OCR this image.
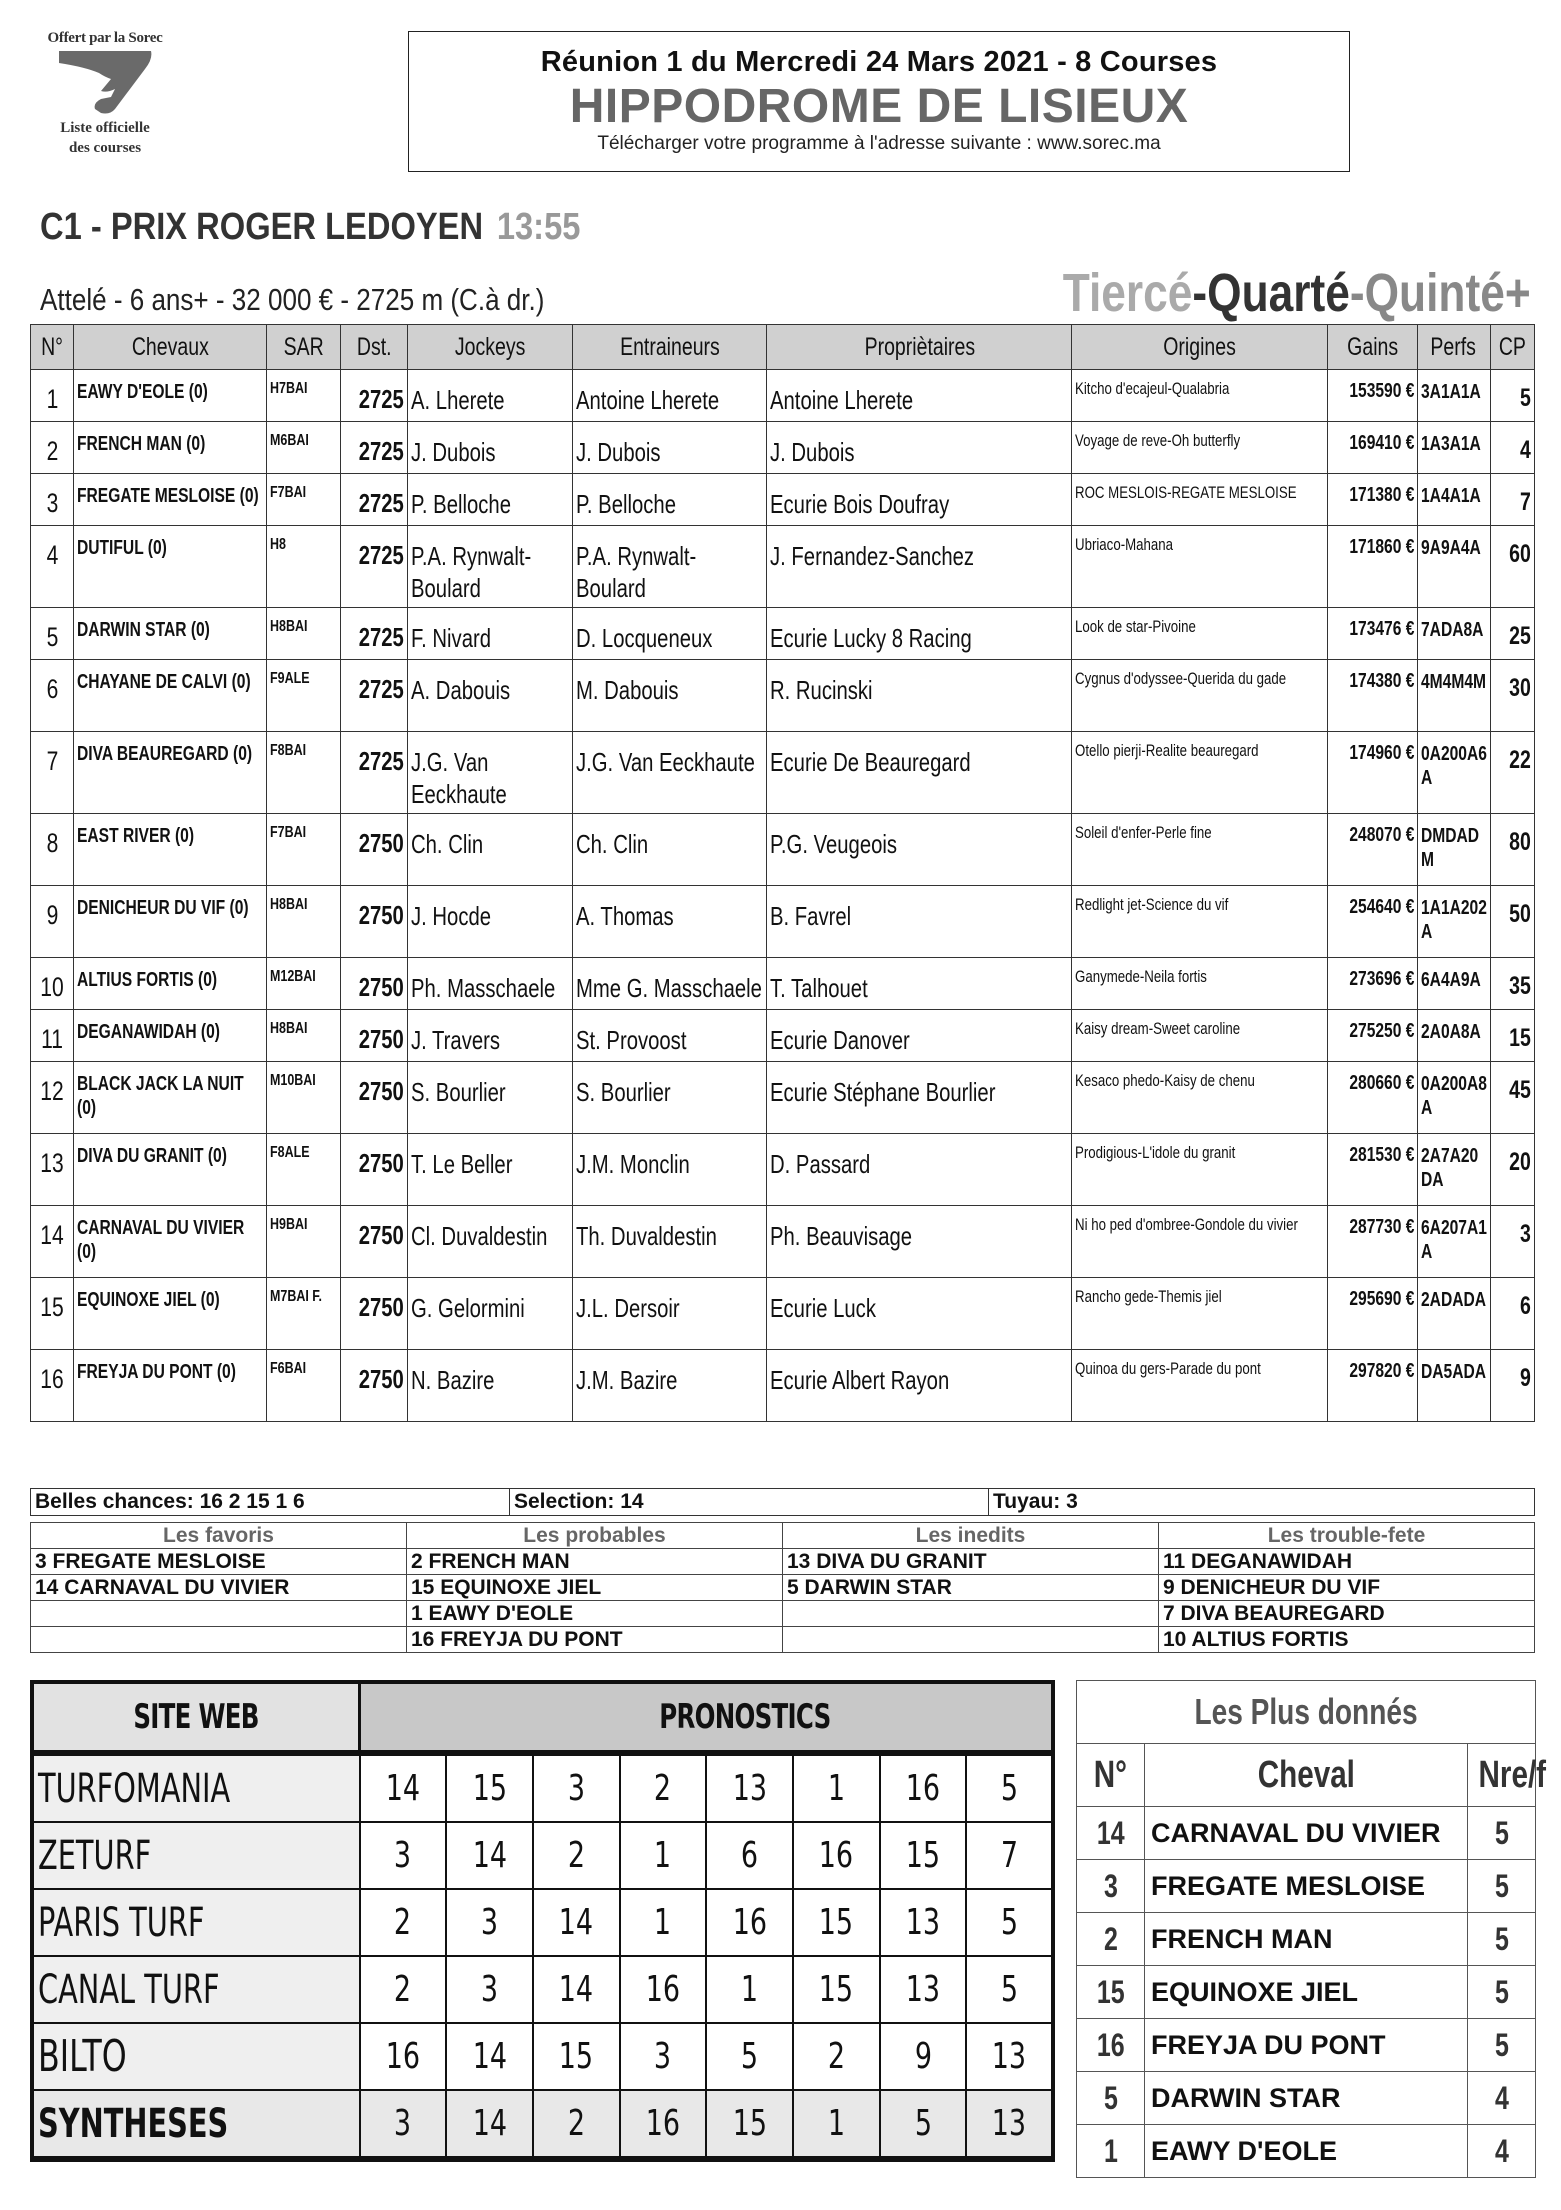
Offert par la Sorec
Liste officielle
des courses
Réunion 1 du Mercredi 24 Mars 2021 - 8 Courses
HIPPODROME DE LISIEUX
Télécharger votre programme à l'adresse suivante : www.sorec.ma
C1 - PRIX ROGER LEDOYEN 13:55
Attelé - 6 ans+ - 32 000 € - 2725 m (C.à dr.)	Tiercé-Quarté-Quinté+
N°	Chevaux	SAR	Dst.	Jockeys	Entraineurs	Propriètaires	Origines	Gains	Perfs	CP
1	EAWY D'EOLE (0)	H7BAI	2725	A. Lherete	Antoine Lherete	Antoine Lherete	Kitcho d'ecajeul-Qualabria	153590 €	3A1A1A	5
2	FRENCH MAN (0)	M6BAI	2725	J. Dubois	J. Dubois	J. Dubois	Voyage de reve-Oh butterfly	169410 €	1A3A1A	4
3	FREGATE MESLOISE (0)	F7BAI	2725	P. Belloche	P. Belloche	Ecurie Bois Doufray	ROC MESLOIS-REGATE MESLOISE	171380 €	1A4A1A	7
4	DUTIFUL (0)	H8	2725	P.A. Rynwalt-Boulard	P.A. Rynwalt-Boulard	J. Fernandez-Sanchez	Ubriaco-Mahana	171860 €	9A9A4A	60
5	DARWIN STAR (0)	H8BAI	2725	F. Nivard	D. Locqueneux	Ecurie Lucky 8 Racing	Look de star-Pivoine	173476 €	7ADA8A	25
6	CHAYANE DE CALVI (0)	F9ALE	2725	A. Dabouis	M. Dabouis	R. Rucinski	Cygnus d'odyssee-Querida du gade	174380 €	4M4M4M	30
7	DIVA BEAUREGARD (0)	F8BAI	2725	J.G. Van Eeckhaute	J.G. Van Eeckhaute	Ecurie De Beauregard	Otello pierji-Realite beauregard	174960 €	0A200A6A	22
8	EAST RIVER (0)	F7BAI	2750	Ch. Clin	Ch. Clin	P.G. Veugeois	Soleil d'enfer-Perle fine	248070 €	DMDADM	80
9	DENICHEUR DU VIF (0)	H8BAI	2750	J. Hocde	A. Thomas	B. Favrel	Redlight jet-Science du vif	254640 €	1A1A202A	50
10	ALTIUS FORTIS (0)	M12BAI	2750	Ph. Masschaele	Mme G. Masschaele	T. Talhouet	Ganymede-Neila fortis	273696 €	6A4A9A	35
11	DEGANAWIDAH (0)	H8BAI	2750	J. Travers	St. Provoost	Ecurie Danover	Kaisy dream-Sweet caroline	275250 €	2A0A8A	15
12	BLACK JACK LA NUIT (0)	M10BAI	2750	S. Bourlier	S. Bourlier	Ecurie Stéphane Bourlier	Kesaco phedo-Kaisy de chenu	280660 €	0A200A8A	45
13	DIVA DU GRANIT (0)	F8ALE	2750	T. Le Beller	J.M. Monclin	D. Passard	Prodigious-L'idole du granit	281530 €	2A7A20DA	20
14	CARNAVAL DU VIVIER (0)	H9BAI	2750	Cl. Duvaldestin	Th. Duvaldestin	Ph. Beauvisage	Ni ho ped d'ombree-Gondole du vivier	287730 €	6A207A1A	3
15	EQUINOXE JIEL (0)	M7BAI F.	2750	G. Gelormini	J.L. Dersoir	Ecurie Luck	Rancho gede-Themis jiel	295690 €	2ADADA	6
16	FREYJA DU PONT (0)	F6BAI	2750	N. Bazire	J.M. Bazire	Ecurie Albert Rayon	Quinoa du gers-Parade du pont	297820 €	DA5ADA	9
Belles chances: 16 2 15 1 6	Selection: 14	Tuyau: 3
Les favoris	Les probables	Les inedits	Les trouble-fete
3 FREGATE MESLOISE	2 FRENCH MAN	13 DIVA DU GRANIT	11 DEGANAWIDAH
14 CARNAVAL DU VIVIER	15 EQUINOXE JIEL	5 DARWIN STAR	9 DENICHEUR DU VIF
	1 EAWY D'EOLE		7 DIVA BEAUREGARD
	16 FREYJA DU PONT		10 ALTIUS FORTIS
SITE WEB	PRONOSTICS							
TURFOMANIA	14	15	3	2	13	1	16	5
ZETURF	3	14	2	1	6	16	15	7
PARIS TURF	2	3	14	1	16	15	13	5
CANAL TURF	2	3	14	16	1	15	13	5
BILTO	16	14	15	3	5	2	9	13
SYNTHESES	3	14	2	16	15	1	5	13
Les Plus donnés		
N°	Cheval	Nre/f
14	CARNAVAL DU VIVIER	5
3	FREGATE MESLOISE	5
2	FRENCH MAN	5
15	EQUINOXE JIEL	5
16	FREYJA DU PONT	5
5	DARWIN STAR	4
1	EAWY D'EOLE	4
